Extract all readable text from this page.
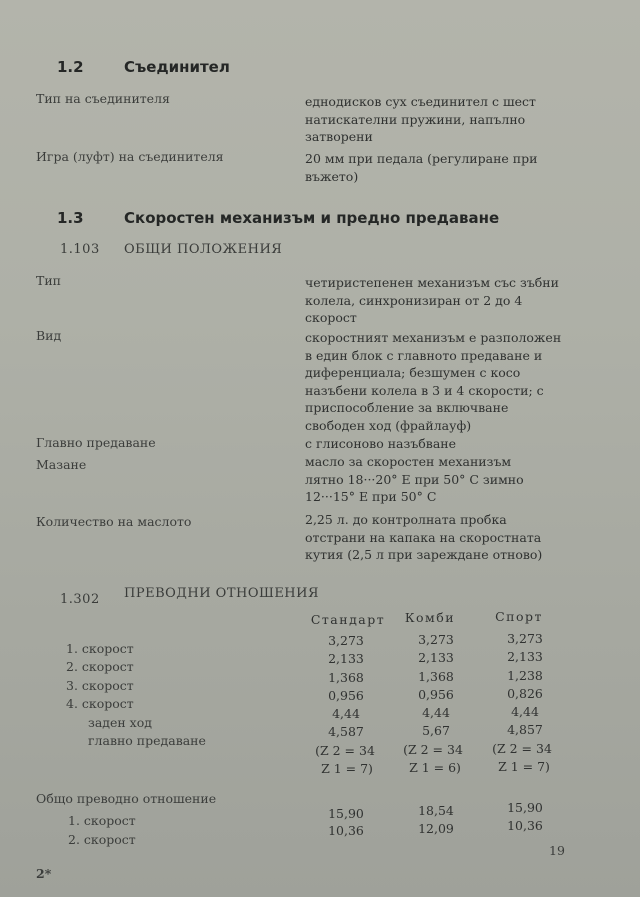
1.2	Съединител
Тип на съединителя	еднодисков сух съединител с шест натискателни пружини, напълно затворени
Игра (луфт) на съединителя	20 мм при педала (регулиране при въжето)
1.3	Скоростен механизъм и предно предаване
1.103 ОБЩИ ПОЛОЖЕНИЯ
Тип	четиристепенен механизъм със зъбни колела, синхронизиран от 2 до 4 скорост
Вид	скоростният механизъм е разположен в един блок с главното предаване и диференциала; безшумен с косо назъбени колела в 3 и 4 скорости; с приспособление за включване свободен ход (фрайлауф)
Главно предаване	с глисоново назъбване
Мазане	масло за скоростен механизъм лятно 18···20° Е при 50° С зимно 12···15° Е при 50° С
Количество на маслото	2,25 л. до контролната пробка отстрани на капака на скоростната кутия (2,5 л при зареждане отново)
1.302 ПРЕВОДНИ ОТНОШЕНИЯ
Стандарт	Комби	Спорт
1. скорост
3,273	3,273	3,273
2. скорост
2,133	2,133	2,133
3. скорост
1,368	1,368	1,238
4. скорост
0,956	0,956	0,826
заден ход
4,44	4,44	4,44
главно предаване
4,587	5,67	4,857
(Z 2 = 34	(Z 2 = 34	(Z 2 = 34
Z 1 = 7)	Z 1 = 6)	Z 1 = 7)
Общо преводно отношение
1. скорост	15,90	18,54	15,90
2. скорост
10,36	12,09	10,36
19
2*
